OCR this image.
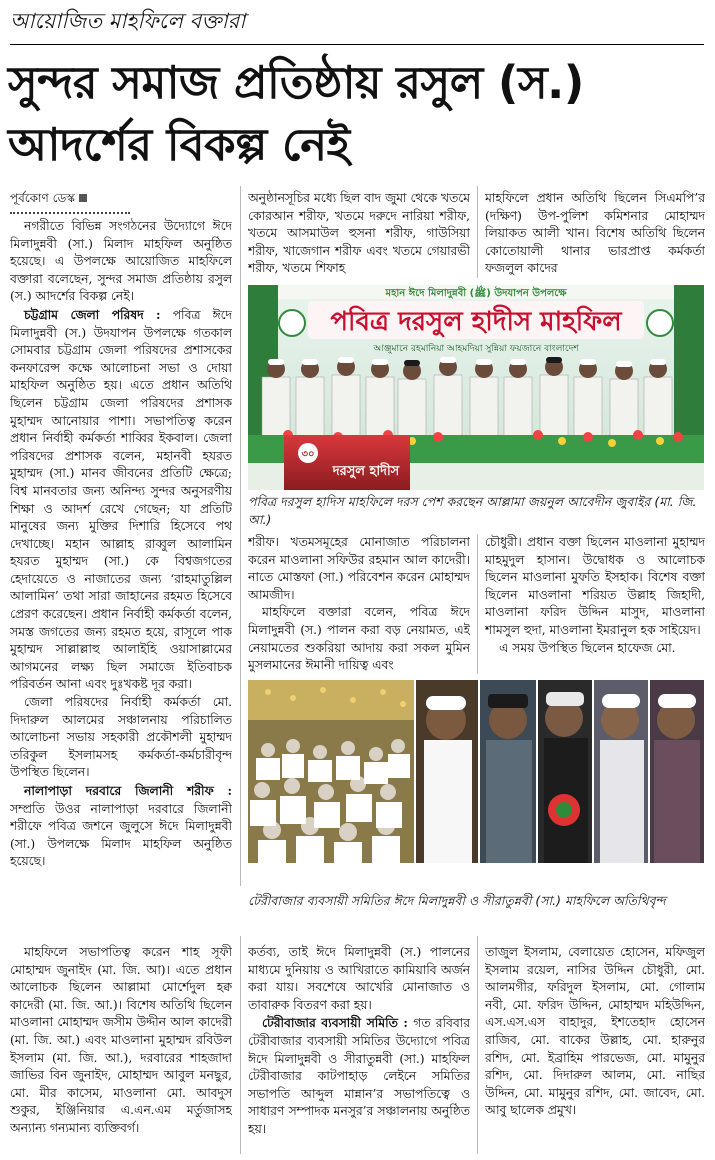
আয়োজিত মাহফিলে বক্তারা
সুন্দর সমাজ প্রতিষ্ঠায় রসুল (স.)
আদর্শের বিকল্প নেই
পূর্বকোণ ডেস্ক

নগরীতে বিভিন্ন সংগঠনের উদ্যোগে ঈদে মিলাদুন্নবী (সা.) মিলাদ মাহফিল অনুষ্ঠিত হয়েছে। এ উপলক্ষে আয়োজিত মাহফিলে বক্তারা বলেছেন, সুন্দর সমাজ প্রতিষ্ঠায় রসুল (স.) আদর্শের বিকল্প নেই।

চট্টগ্রাম জেলা পরিষদ : পবিত্র ঈদে মিলাদুন্নবী (স.) উদযাপন উপলক্ষে গতকাল সোমবার চট্টগ্রাম জেলা পরিষদের প্রশাসকের কনফারেন্স কক্ষে আলোচনা সভা ও দোয়া মাহফিল অনুষ্ঠিত হয়। এতে প্রধান অতিথি ছিলেন চট্টগ্রাম জেলা পরিষদের প্রশাসক মুহাম্মদ আনোয়ার পাশা। সভাপতিত্ব করেন প্রধান নির্বাহী কর্মকর্তা শাব্বির ইকবাল। জেলা পরিষদের প্রশাসক বলেন, মহানবী হযরত মুহাম্মদ (সা.) মানব জীবনের প্রতিটি ক্ষেত্রে; বিশ্ব মানবতার জন্য অনিন্দ্য সুন্দর অনুসরণীয় শিক্ষা ও আদর্শ রেখে গেছেন; যা প্রতিটি মানুষের জন্য মুক্তির দিশারি হিসেবে পথ দেখাচ্ছে। মহান আল্লাহ রাব্বুল আলামিন হযরত মুহাম্মদ (সা.) কে বিশ্বজগতের হেদায়েতে ও নাজাতের জন্য ‘রাহমাতুল্লিল আলামিন’ তথা সারা জাহানের রহমত হিসেবে প্রেরণ করেছেন। প্রধান নির্বাহী কর্মকর্তা বলেন, সমস্ত জগতের জন্য রহমত হয়ে, রাসূলে পাক মুহাম্মদ সাল্লাল্লাহু আলাইহি ওয়াসাল্লামের আগমনের লক্ষ্য ছিল সমাজে ইতিবাচক পরিবর্তন আনা এবং দুঃখকষ্ট দূর করা।

জেলা পরিষদের নির্বাহী কর্মকর্তা মো. দিদারুল আলমের সঞ্চালনায় পরিচালিত আলোচনা সভায় সহকারী প্রকৌশলী মুহাম্মদ তরিকুল ইসলামসহ কর্মকর্তা-কর্মচারীবৃন্দ উপস্থিত ছিলেন।

নালাপাড়া দরবারে জিলানী শরীফ : সম্প্রতি উওর নালাপাড়া দরবারে জিলানী শরীফে পবিত্র জশনে জুলুসে ঈদে মিলাদুন্নবী (সা.) উপলক্ষে মিলাদ মাহফিল অনুষ্ঠিত হয়েছে।

মাহফিলে সভাপতিত্ব করেন শাহ সূফী মোহাম্মদ জুনাইদ (মা. জি. আ)। এতে প্রধান আলোচক ছিলেন আল্লামা মোর্শেদুল হক্ব কাদেরী (মা. জি. আ.)। বিশেষ অতিথি ছিলেন মাওলানা মোহাম্মদ জসীম উদ্দীন আল কাদেরী (মা. জি. আ.) এবং মাওলানা মুহাম্মদ রবিউল ইসলাম (মা. জি. আ.), দরবারের শাহজাদা জাভির বিন জুনাইদ, মোহাম্মদ আবুল মনছুর, মো. মীর কাসেম, মাওলানা মো. আবদুস শুকুর, ইঞ্জিনিয়ার এ.এন.এম মর্তুজাসহ অন্যান্য গন্যমান্য ব্যক্তিবর্গ।

অনুষ্ঠানসূচির মধ্যে ছিল বাদ জুমা থেকে খতমে কোরআন শরীফ, খতমে দরুদে নারিয়া শরীফ, খতমে আসমাউল হুসনা শরীফ, গাউসিয়া শরীফ, খাজেগান শরীফ এবং খতমে গেয়ারভী শরীফ, খতমে শিফাহ

মাহফিলে প্রধান অতিথি ছিলেন সিএমপি’র (দক্ষিণ) উপ-পুলিশ কমিশনার মোহাম্মদ লিয়াকত আলী খান। বিশেষ অতিথি ছিলেন কোতোয়ালী থানার ভারপ্রাপ্ত কর্মকর্তা ফজলুল কাদের

মহান ঈদে মিলাদুন্নবী (ﷺ) উদযাপন উপলক্ষে
পবিত্র দরসুল হাদীস মাহফিল
আঞ্জুমানে রহমানিয়া আহমদিয়া সুন্নিয়া ফয়জানে বাংলাদেশ
৩০
দরসুল হাদীস
পবিত্র দরসুল হাদিস মাহফিলে দরস পেশ করছেন আল্লামা জয়নুল আবেদীন জুবাইর (মা. জি. আ.)

শরীফ। খতমসমূহের মোনাজাত পরিচালনা করেন মাওলানা সফিউর রহমান আল কাদেরী। নাতে মোস্তফা (সা.) পরিবেশন করেন মোহাম্মদ আমজীদ।

মাহফিলে বক্তারা বলেন, পবিত্র ঈদে মিলাদুন্নবী (স.) পালন করা বড় নেয়ামত, এই নেয়ামতের শুকরিয়া আদায় করা সকল মুমিন মুসলমানের ঈমানী দায়িত্ব এবং

চৌধুরী। প্রধান বক্তা ছিলেন মাওলানা মুহাম্মদ মাহমুদুল হাসান। উদ্বোধক ও আলোচক ছিলেন মাওলানা মুফতি ইসহাক। বিশেষ বক্তা ছিলেন মাওলানা শরিয়ত উল্লাহ জিহাদী, মাওলানা ফরিদ উদ্দিন মাসুদ, মাওলানা শামসুল হুদা, মাওলানা ইমরানুল হক সাইয়েদ।

এ সময় উপস্থিত ছিলেন হাফেজ মো.

টেরীবাজার ব্যবসায়ী সমিতির ঈদে মিলাদুন্নবী ও সীরাতুন্নবী (সা.) মাহফিলে অতিথিবৃন্দ

কর্তব্য, তাই ঈদে মিলাদুন্নবী (স.) পালনের মাধ্যমে দুনিয়ায় ও আখিরাতে কামিয়াবি অর্জন করা যায়। সবশেষে আখেরি মোনাজাত ও তাবারুক বিতরণ করা হয়।

টেরীবাজার ব্যবসায়ী সমিতি : গত রবিবার টেরীবাজার ব্যবসায়ী সমিতির উদ্যোগে পবিত্র ঈদে মিলাদুন্নবী ও সীরাতুন্নবী (সা.) মাহফিল টেরীবাজার কাটপাহাড় লেইনে সমিতির সভাপতি আব্দুল মান্নান’র সভাপতিত্বে ও সাধারণ সম্পাদক মনসুর’র সঞ্চালনায় অনুষ্ঠিত হয়।

তাজুল ইসলাম, বেলায়েত হোসেন, মফিজুল ইসলাম রয়েল, নাসির উদ্দিন চৌধুরী, মো. আলমগীর, ফরিদুল ইসলাম, মো. গোলাম নবী, মো. ফরিদ উদ্দিন, মোহাম্মদ মহিউদ্দিন, এস.এস.এস বাহাদুর, ইশতেহাদ হোসেন রাজিব, মো. বাকের উল্লাহ, মো. হারুনুর রশিদ, মো. ইব্রাহিম পারভেজ, মো. মামুনুর রশিদ, মো. দিদারুল আলম, মো. নাছির উদ্দিন, মো. মামুনুর রশিদ, মো. জাবেদ, মো. আবু ছালেক প্রমুখ।
